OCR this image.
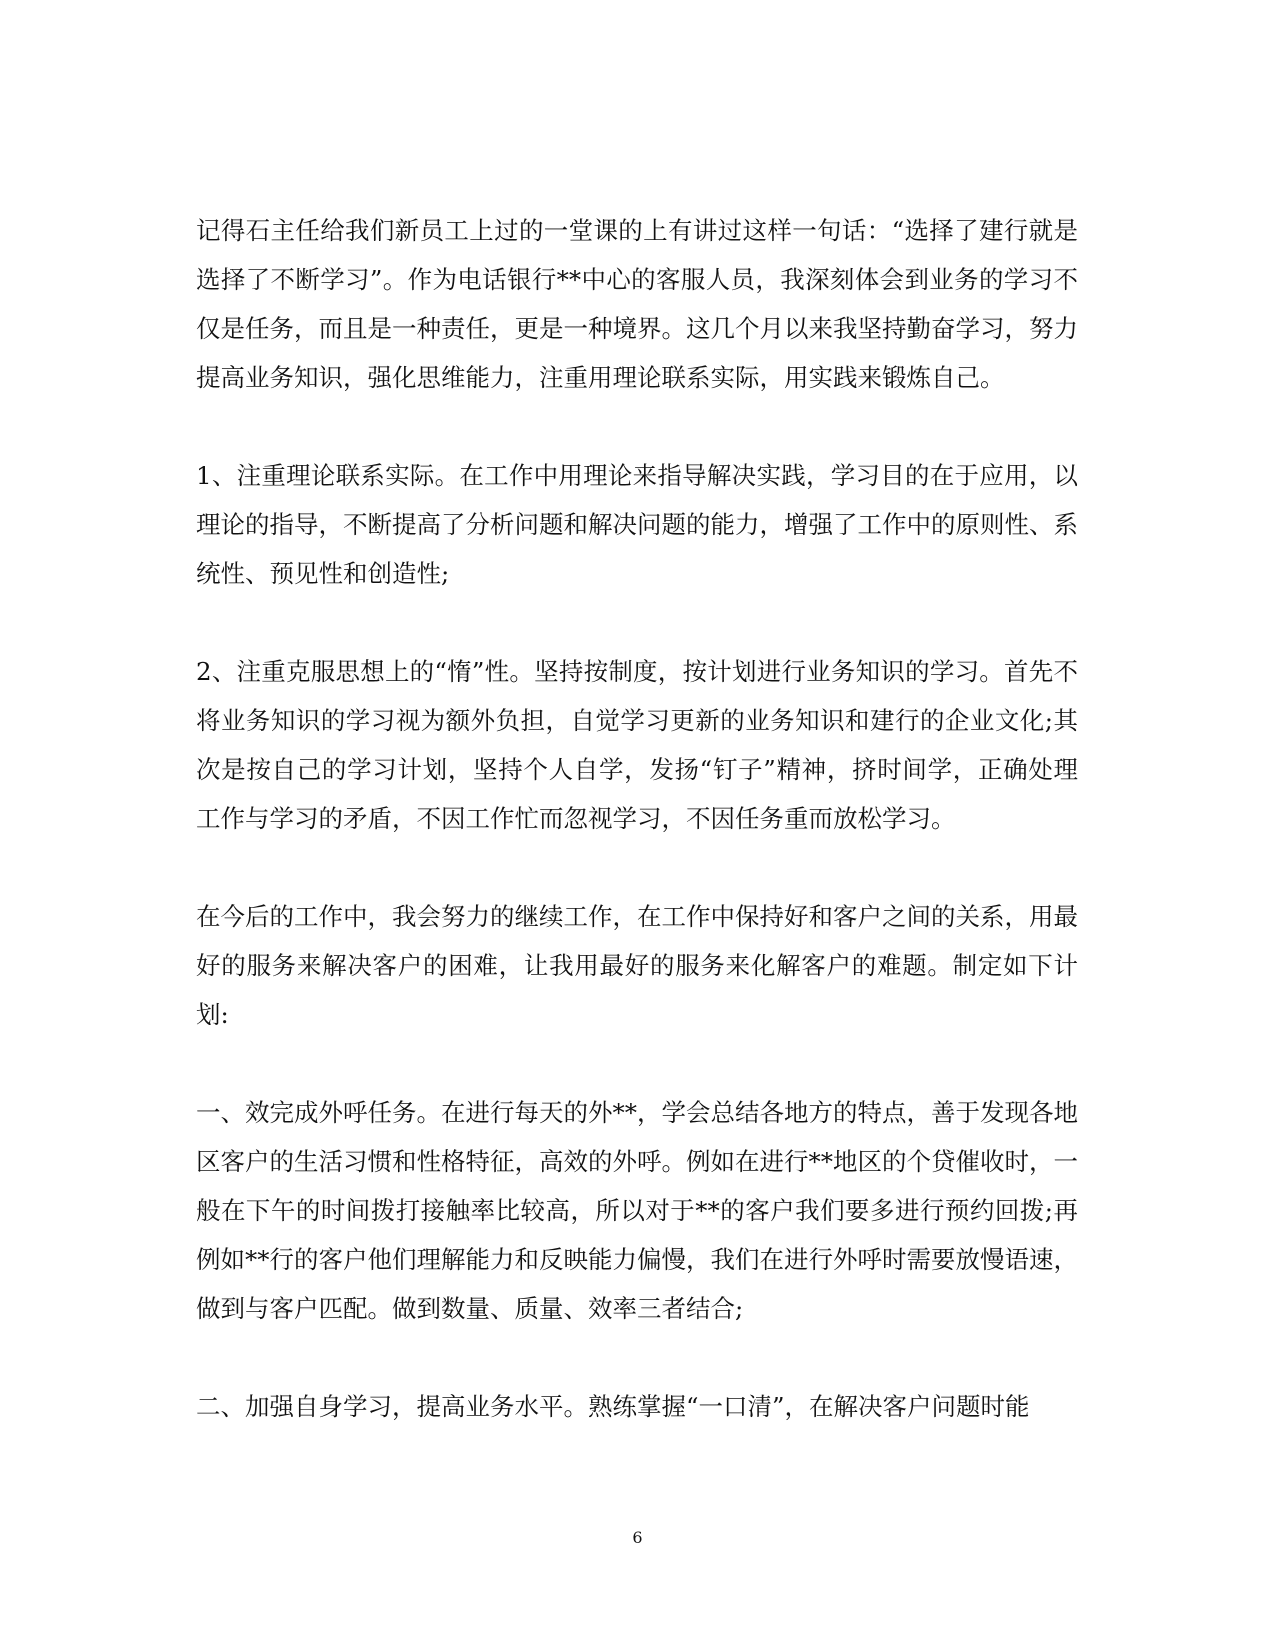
记得石主任给我们新员工上过的一堂课的上有讲过这样一句话：“选择了建行就是选择了不断学习”。作为电话银行**中心的客服人员，我深刻体会到业务的学习不仅是任务，而且是一种责任，更是一种境界。这几个月以来我坚持勤奋学习，努力提高业务知识，强化思维能力，注重用理论联系实际，用实践来锻炼自己。

1、注重理论联系实际。在工作中用理论来指导解决实践，学习目的在于应用，以理论的指导，不断提高了分析问题和解决问题的能力，增强了工作中的原则性、系统性、预见性和创造性;

2、注重克服思想上的“惰”性。坚持按制度，按计划进行业务知识的学习。首先不将业务知识的学习视为额外负担，自觉学习更新的业务知识和建行的企业文化;其次是按自己的学习计划，坚持个人自学，发扬“钉子”精神，挤时间学，正确处理工作与学习的矛盾，不因工作忙而忽视学习，不因任务重而放松学习。

在今后的工作中，我会努力的继续工作，在工作中保持好和客户之间的关系，用最好的服务来解决客户的困难，让我用最好的服务来化解客户的难题。制定如下计划:

一、效完成外呼任务。在进行每天的外**，学会总结各地方的特点，善于发现各地区客户的生活习惯和性格特征，高效的外呼。例如在进行**地区的个贷催收时，一般在下午的时间拨打接触率比较高，所以对于**的客户我们要多进行预约回拨;再例如**行的客户他们理解能力和反映能力偏慢，我们在进行外呼时需要放慢语速，做到与客户匹配。做到数量、质量、效率三者结合;

二、加强自身学习，提高业务水平。熟练掌握“一口清”，在解决客户问题时能

6
